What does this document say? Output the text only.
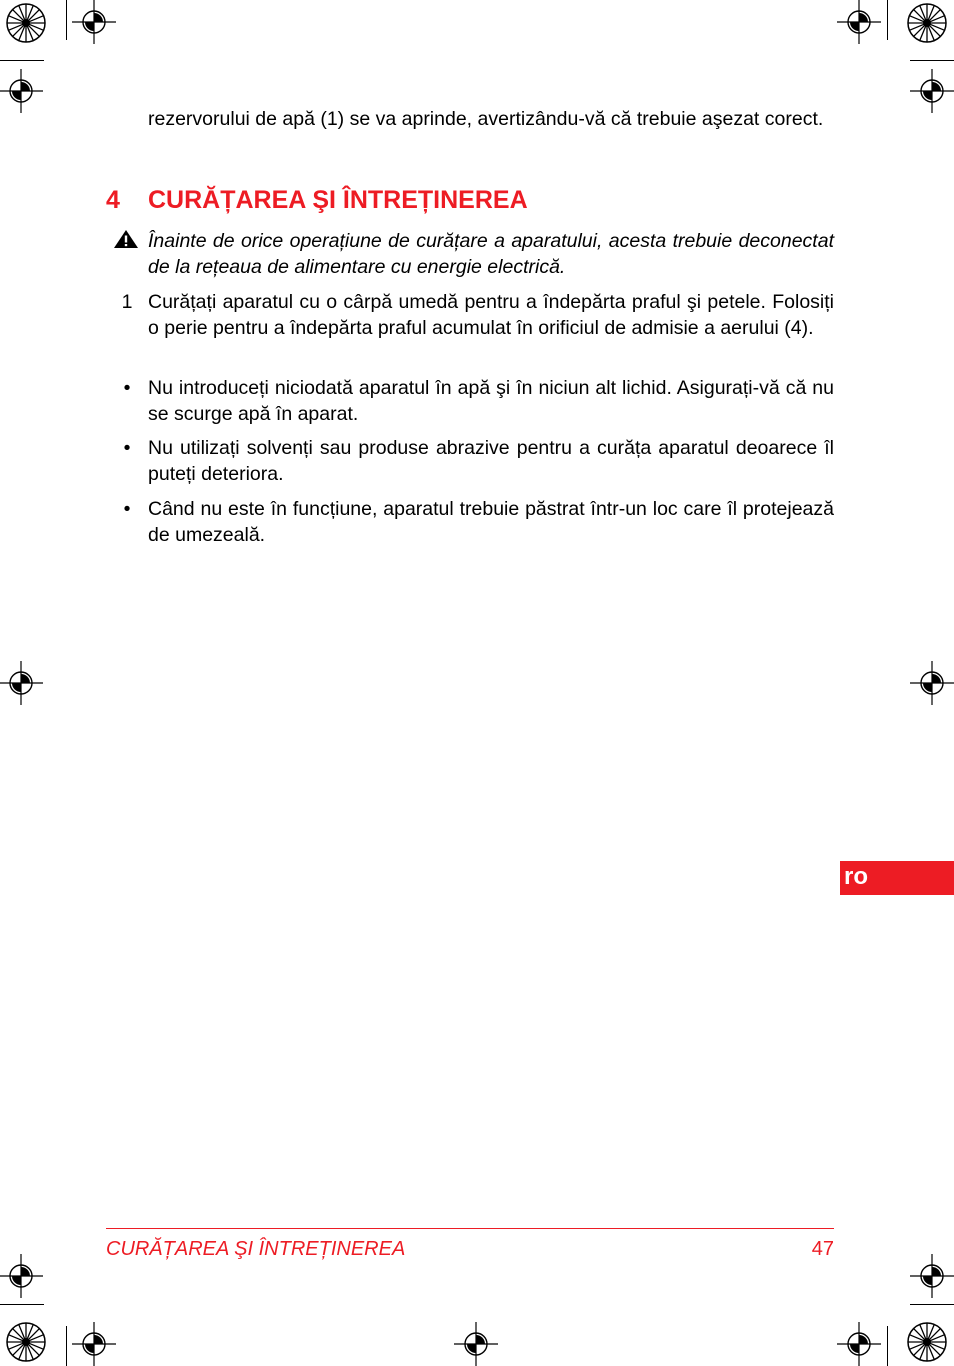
rezervorului de apă (1) se va aprinde, avertizându-vă că trebuie aşezat corect.
4 CURĂȚAREA ŞI ÎNTREȚINEREA
Înainte de orice operațiune de curățare a aparatului, acesta trebuie deconectat de la rețeaua de alimentare cu energie electrică.
1 Curățați aparatul cu o cârpă umedă pentru a îndepărta praful şi petele. Folosiți o perie pentru a îndepărta praful acumulat în orificiul de admisie a aerului (4).
• Nu introduceți niciodată aparatul în apă şi în niciun alt lichid. Asigurați-vă că nu se scurge apă în aparat.
• Nu utilizați solvenți sau produse abrazive pentru a curăța aparatul deoarece îl puteți deteriora.
• Când nu este în funcțiune, aparatul trebuie păstrat într-un loc care îl protejează de umezeală.
ro
CURĂȚAREA ŞI ÎNTREȚINEREA	47
